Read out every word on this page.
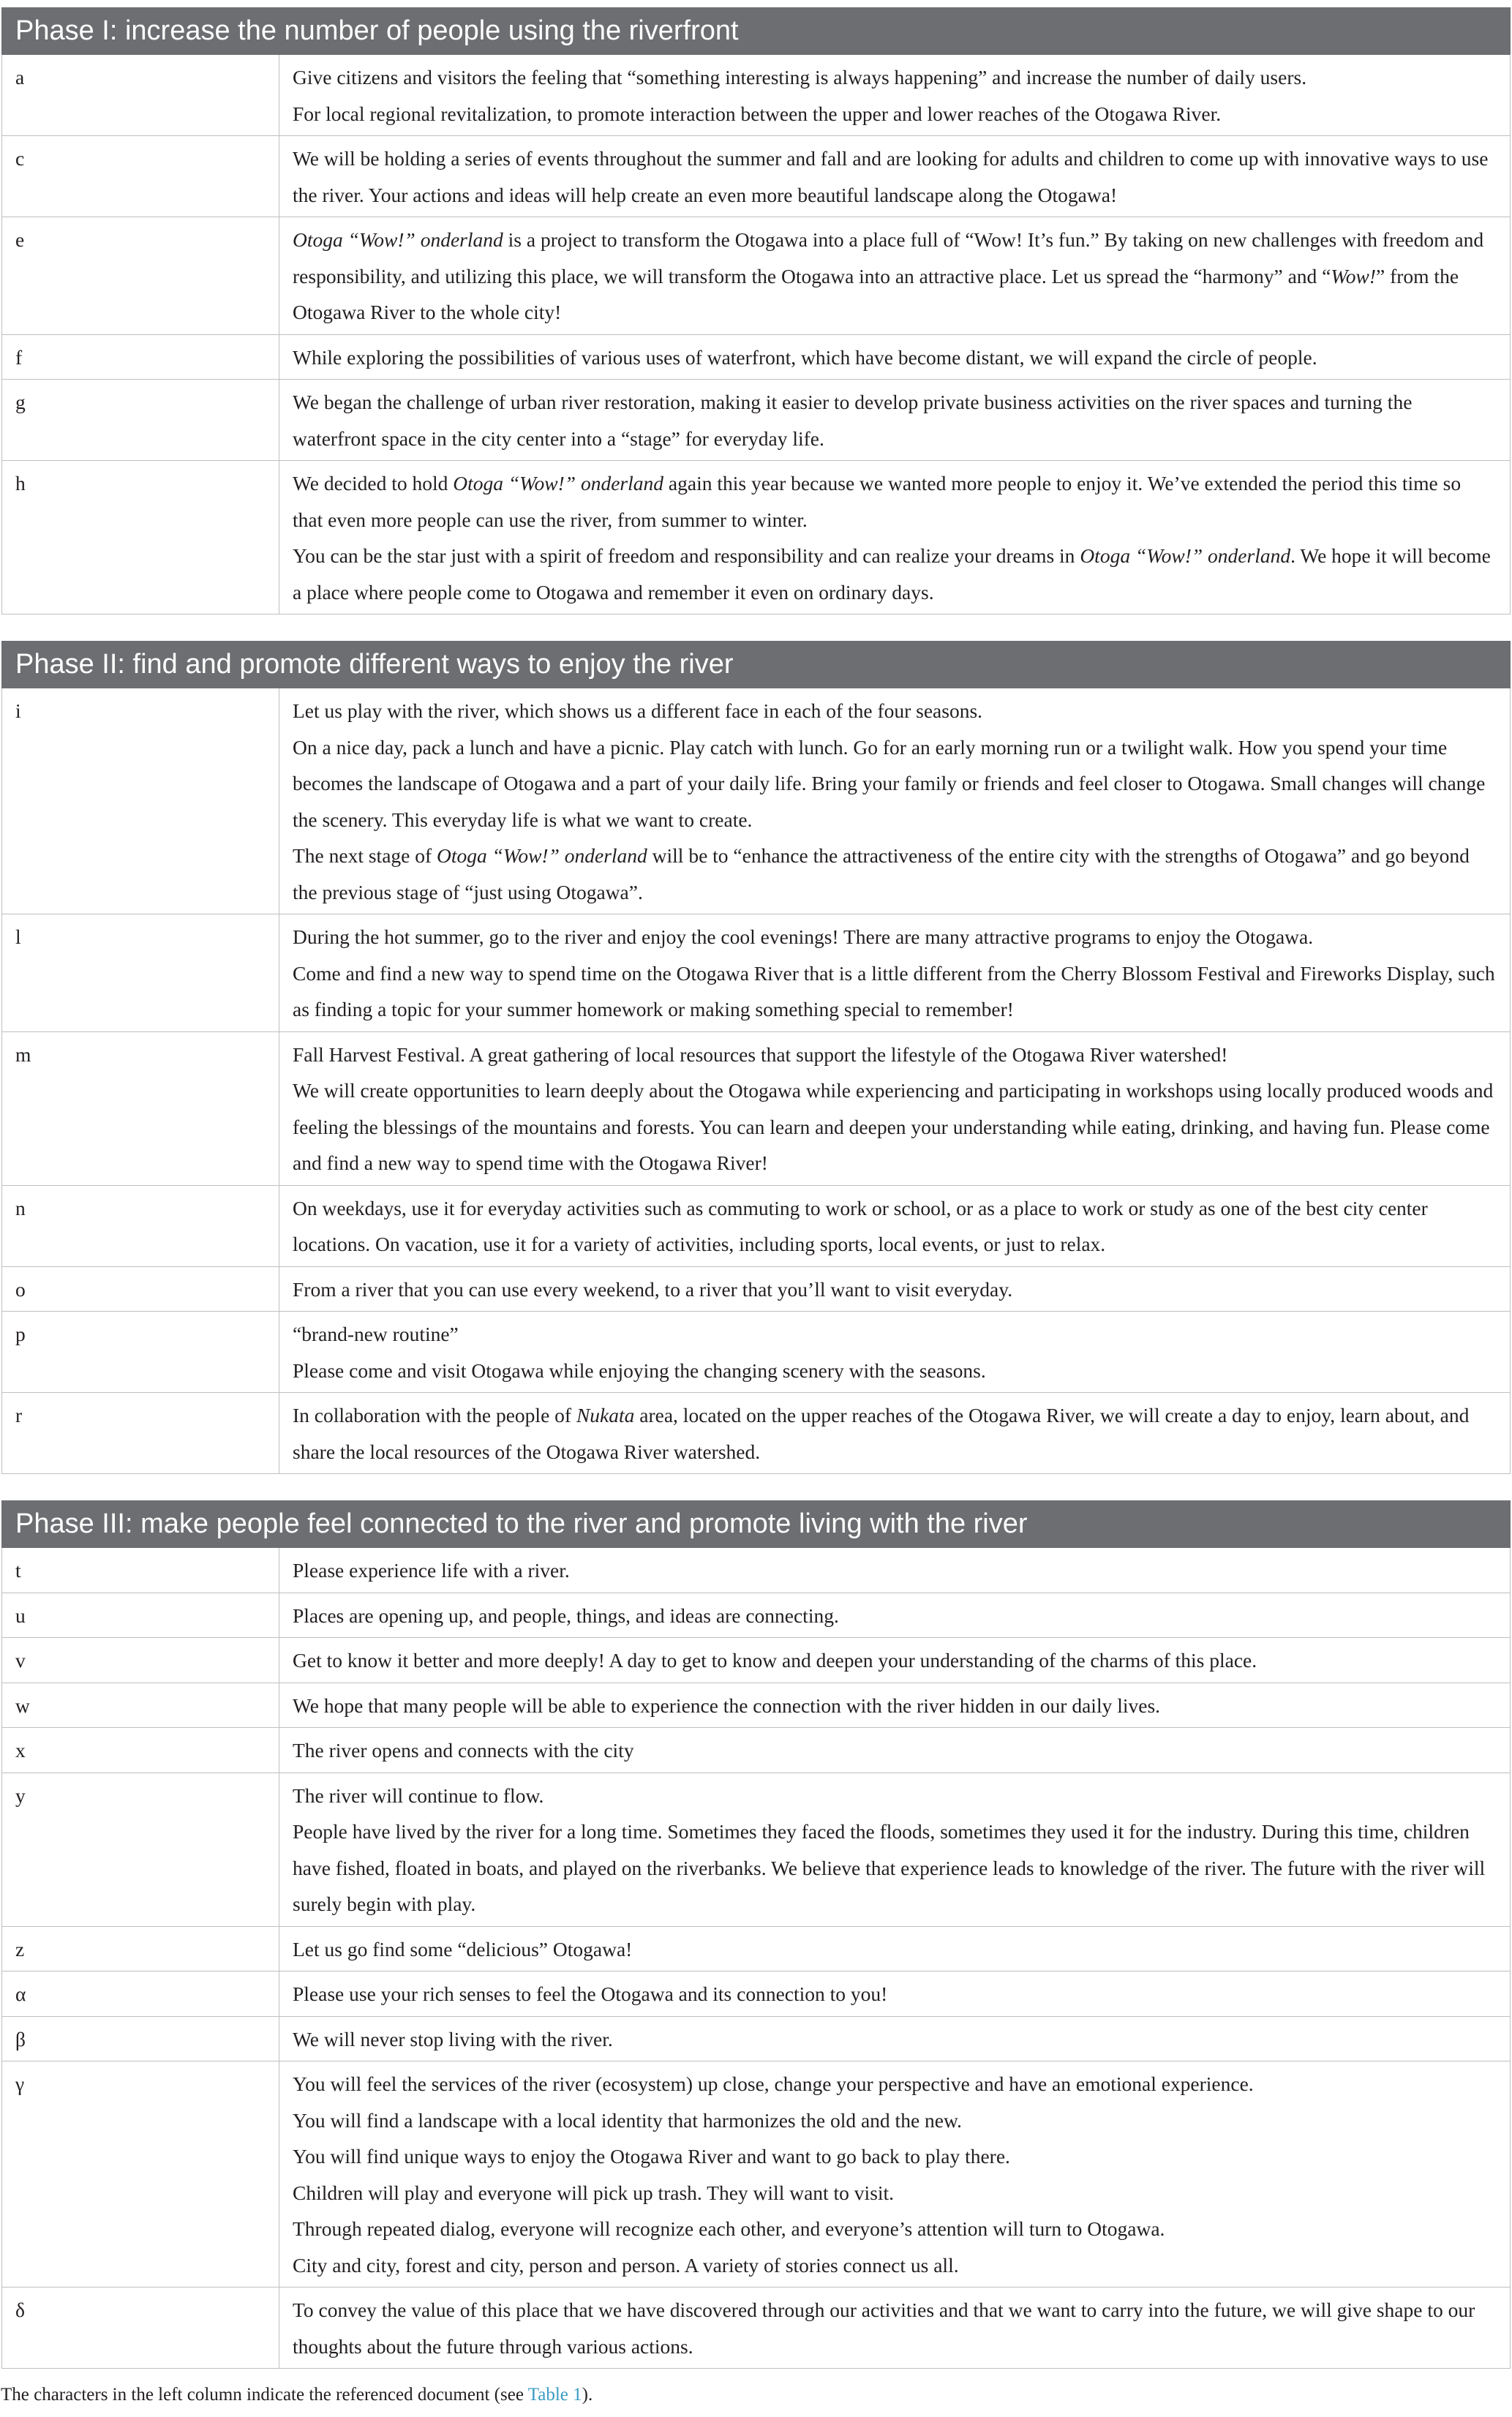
Phase I: increase the number of people using the riverfront
a	Give citizens and visitors the feeling that “something interesting is always happening” and increase the number of daily users.
For local regional revitalization, to promote interaction between the upper and lower reaches of the Otogawa River.
c	We will be holding a series of events throughout the summer and fall and are looking for adults and children to come up with innovative ways to use the river. Your actions and ideas will help create an even more beautiful landscape along the Otogawa!
e	Otoga “Wow!” onderland is a project to transform the Otogawa into a place full of “Wow! It’s fun.” By taking on new challenges with freedom and responsibility, and utilizing this place, we will transform the Otogawa into an attractive place. Let us spread the “harmony” and “Wow!” from the Otogawa River to the whole city!
f	While exploring the possibilities of various uses of waterfront, which have become distant, we will expand the circle of people.
g	We began the challenge of urban river restoration, making it easier to develop private business activities on the river spaces and turning the waterfront space in the city center into a “stage” for everyday life.
h	We decided to hold Otoga “Wow!” onderland again this year because we wanted more people to enjoy it. We’ve extended the period this time so that even more people can use the river, from summer to winter.
You can be the star just with a spirit of freedom and responsibility and can realize your dreams in Otoga “Wow!” onderland. We hope it will become a place where people come to Otogawa and remember it even on ordinary days.
Phase II: find and promote different ways to enjoy the river
i	Let us play with the river, which shows us a different face in each of the four seasons.
On a nice day, pack a lunch and have a picnic. Play catch with lunch. Go for an early morning run or a twilight walk. How you spend your time becomes the landscape of Otogawa and a part of your daily life. Bring your family or friends and feel closer to Otogawa. Small changes will change the scenery. This everyday life is what we want to create.
The next stage of Otoga “Wow!” onderland will be to “enhance the attractiveness of the entire city with the strengths of Otogawa” and go beyond the previous stage of “just using Otogawa”.
l	During the hot summer, go to the river and enjoy the cool evenings! There are many attractive programs to enjoy the Otogawa.
Come and find a new way to spend time on the Otogawa River that is a little different from the Cherry Blossom Festival and Fireworks Display, such as finding a topic for your summer homework or making something special to remember!
m	Fall Harvest Festival. A great gathering of local resources that support the lifestyle of the Otogawa River watershed!
We will create opportunities to learn deeply about the Otogawa while experiencing and participating in workshops using locally produced woods and feeling the blessings of the mountains and forests. You can learn and deepen your understanding while eating, drinking, and having fun. Please come and find a new way to spend time with the Otogawa River!
n	On weekdays, use it for everyday activities such as commuting to work or school, or as a place to work or study as one of the best city center locations. On vacation, use it for a variety of activities, including sports, local events, or just to relax.
o	From a river that you can use every weekend, to a river that you’ll want to visit everyday.
p	“brand-new routine”
Please come and visit Otogawa while enjoying the changing scenery with the seasons.
r	In collaboration with the people of Nukata area, located on the upper reaches of the Otogawa River, we will create a day to enjoy, learn about, and share the local resources of the Otogawa River watershed.
Phase III: make people feel connected to the river and promote living with the river
t	Please experience life with a river.
u	Places are opening up, and people, things, and ideas are connecting.
v	Get to know it better and more deeply! A day to get to know and deepen your understanding of the charms of this place.
w	We hope that many people will be able to experience the connection with the river hidden in our daily lives.
x	The river opens and connects with the city
y	The river will continue to flow.
People have lived by the river for a long time. Sometimes they faced the floods, sometimes they used it for the industry. During this time, children have fished, floated in boats, and played on the riverbanks. We believe that experience leads to knowledge of the river. The future with the river will surely begin with play.
z	Let us go find some “delicious” Otogawa!
α	Please use your rich senses to feel the Otogawa and its connection to you!
β	We will never stop living with the river.
γ	You will feel the services of the river (ecosystem) up close, change your perspective and have an emotional experience.
You will find a landscape with a local identity that harmonizes the old and the new.
You will find unique ways to enjoy the Otogawa River and want to go back to play there.
Children will play and everyone will pick up trash. They will want to visit.
Through repeated dialog, everyone will recognize each other, and everyone’s attention will turn to Otogawa.
City and city, forest and city, person and person. A variety of stories connect us all.
δ	To convey the value of this place that we have discovered through our activities and that we want to carry into the future, we will give shape to our thoughts about the future through various actions.

The characters in the left column indicate the referenced document (see Table 1).
